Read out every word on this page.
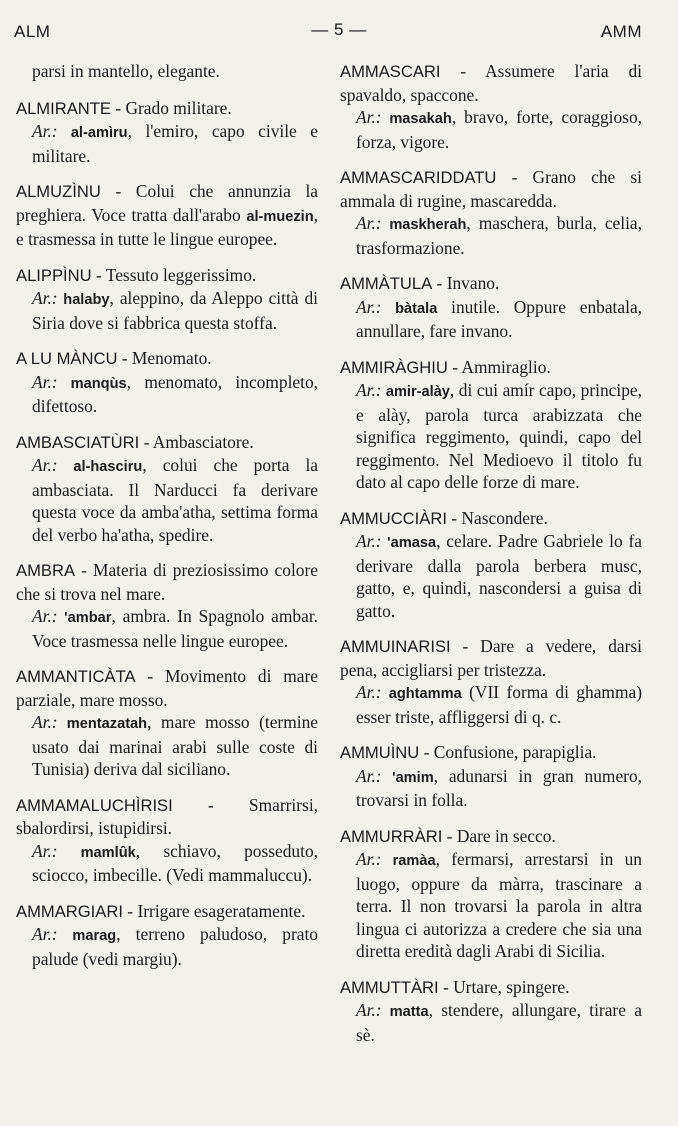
ALM	— 5 —	AMM
parsi in mantello, elegante.
ALMIRANTE - Grado militare.
Ar.: al-amìru, l'emiro, capo civile e militare.
ALMUZÌNU - Colui che annunzia la preghiera. Voce tratta dall'arabo al-muezin, e trasmessa in tutte le lingue europee.
ALIPPÌNU - Tessuto leggerissimo.
Ar.: halaby, aleppino, da Aleppo città di Siria dove si fabbrica questa stoffa.
A LU MÀNCU - Menomato.
Ar.: manqùs, menomato, incompleto, difettoso.
AMBASCIATÙRI - Ambasciatore.
Ar.: al-hasciru, colui che porta la ambasciata. Il Narducci fa derivare questa voce da amba'atha, settima forma del verbo ha'atha, spedire.
AMBRA - Materia di preziosissimo colore che si trova nel mare.
Ar.: 'ambar, ambra. In Spagnolo ambar. Voce trasmessa nelle lingue europee.
AMMANTICÀTA - Movimento di mare parziale, mare mosso.
Ar.: mentazatah, mare mosso (termine usato dai marinai arabi sulle coste di Tunisia) deriva dal siciliano.
AMMAMALUCHÌRISI - Smarrirsi, sbalordirsi, istupidirsi.
Ar.: mamlûk, schiavo, posseduto, sciocco, imbecille. (Vedi mammaluccu).
AMMARGIARI - Irrigare esageratamente.
Ar.: marag, terreno paludoso, prato palude (vedi margiu).
AMMASCARI - Assumere l'aria di spavaldo, spaccone.
Ar.: masakah, bravo, forte, coraggioso, forza, vigore.
AMMASCARIDDATU - Grano che si ammala di rugine, mascaredda.
Ar.: maskherah, maschera, burla, celia, trasformazione.
AMMÀTULA - Invano.
Ar.: bàtala inutile. Oppure enbatala, annullare, fare invano.
AMMIRÀGHIU - Ammiraglio.
Ar.: amir-alày, di cui amír capo, principe, e alày, parola turca arabizzata che significa reggimento, quindi, capo del reggimento. Nel Medioevo il titolo fu dato al capo delle forze di mare.
AMMUCCIÀRI - Nascondere.
Ar.: 'amasa, celare. Padre Gabriele lo fa derivare dalla parola berbera musc, gatto, e, quindi, nascondersi a guisa di gatto.
AMMUINARISI - Dare a vedere, darsi pena, accigliarsi per tristezza.
Ar.: aghtamma (VII forma di ghamma) esser triste, affliggersi di q. c.
AMMUÌNU - Confusione, parapiglia.
Ar.: 'amim, adunarsi in gran numero, trovarsi in folla.
AMMURRÀRI - Dare in secco.
Ar.: ramàa, fermarsi, arrestarsi in un luogo, oppure da màrra, trascinare a terra. Il non trovarsi la parola in altra lingua ci autorizza a credere che sia una diretta eredità dagli Arabi di Sicilia.
AMMUTTÀRI - Urtare, spingere.
Ar.: matta, stendere, allungare, tirare a sè.
